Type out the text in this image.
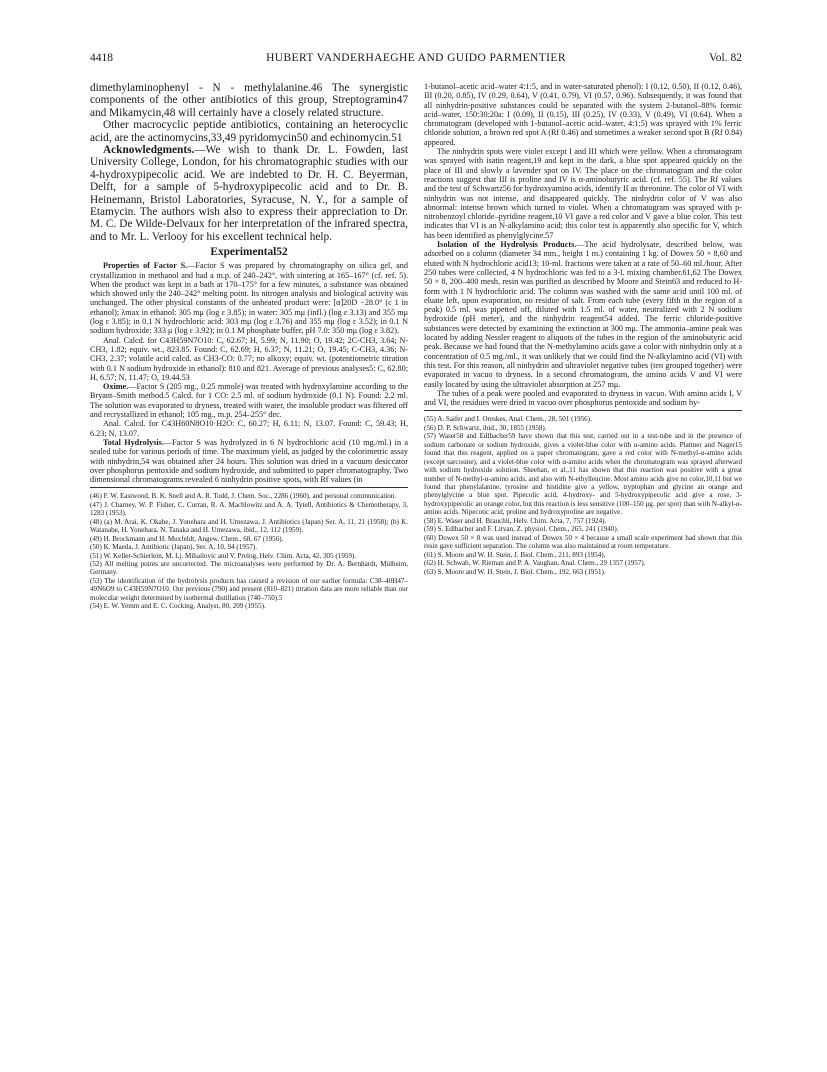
4418	HUBERT VANDERHAEGHE AND GUIDO PARMENTIER	Vol. 82

dimethylaminophenyl - N - methylalanine.46 The synergistic components of the other antibiotics of this group, Streptogramin47 and Mikamycin,48 will certainly have a closely related structure.

Other macrocyclic peptide antibiotics, containing an heterocyclic acid, are the actinomycins,33,49 pyridomycin50 and echinomycin.51

Acknowledgments.—We wish to thank Dr. L. Fowden, last University College, London, for his chromatographic studies with our 4-hydroxypipecolic acid. We are indebted to Dr. H. C. Beyerman, Delft, for a sample of 5-hydroxypipecolic acid and to Dr. B. Heinemann, Bristol Laboratories, Syracuse, N. Y., for a sample of Etamycin. The authors wish also to express their appreciation to Dr. M. C. De Wilde-Delvaux for her interpretation of the infrared spectra, and to Mr. L. Verlooy for his excellent technical help.

Experimental52

Properties of Factor S.—Factor S was prepared by chromatography on silica gel, and crystallization in methanol and had a m.p. of 240–242°, with sintering at 165–167° (cf. ref. 5). When the product was kept in a bath at 170–175° for a few minutes, a substance was obtained which showed only the 240–242° melting point. Its nitrogen analysis and biological activity was unchanged. The other physical constants of the unheated product were: [α]20D −28.0° (c 1 in ethanol); λmax in ethanol: 305 mμ (log ε 3.85); in water: 305 mμ (infl.) (log ε 3.13) and 355 mμ (log ε 3.85); in 0.1 N hydrochloric acid: 303 mμ (log ε 3.76) and 355 mμ (log ε 3.52); in 0.1 N sodium hydroxide: 333 μ (log ε 3.92); in 0.1 M phosphate buffer, pH 7.0: 350 mμ (log ε 3.82).

Anal. Calcd. for C43H59N7O10: C, 62.67; H, 5.99; N, 11.90; O, 19.42; 2C-CH3, 3.64; N-CH3, 1.82; equiv. wt., 823.85. Found: C, 62.69; H, 6.37; N, 11.21; O, 19.45; C-CH3, 4.36; N-CH3, 2.37; volatile acid calcd. as CH3-CO: 0.77; no alkoxy; equiv. wt. (potentiometric titration with 0.1 N sodium hydroxide in ethanol): 810 and 821. Average of previous analyses5: C, 62.80; H, 6.57; N, 11.47; O, 19.44.53

Oxime.—Factor S (205 mg., 0.25 mmole) was treated with hydroxylamine according to the Bryant–Smith method.5 Calcd. for 1 CO: 2.5 ml. of sodium hydroxide (0.1 N). Found: 2.2 ml. The solution was evaporated to dryness, treated with water, the insoluble product was filtered off and recrystallized in ethanol; 105 mg., m.p. 254–255° dec.

Anal. Calcd. for C43H60N8O10·H2O: C, 60.27; H, 6.11; N, 13.07. Found: C, 59.43; H, 6.23; N, 13.07.

Total Hydrolysis.—Factor S was hydrolyzed in 6 N hydrochloric acid (10 mg./ml.) in a sealed tube for various periods of time. The maximum yield, as judged by the colorimetric assay with ninhydrin,54 was obtained after 24 hours. This solution was dried in a vacuum desiccator over phosphorus pentoxide and sodium hydroxide, and submitted to paper chromatography. Two dimensional chromatograms revealed 6 ninhydrin positive spots, with Rf values (in

(46) F. W. Eastwood, B. K. Snell and A. R. Todd, J. Chem. Soc., 2286 (1960), and personal communication.

(47) J. Charney, W. P. Fisher, C. Curran, R. A. Machlowitz and A. A. Tytell, Antibiotics & Chemotherapy, 3, 1283 (1953).

(48) (a) M. Arai, K. Okabe, J. Yonehara and H. Umezawa, J. Antibiotics (Japan) Ser. A, 11, 21 (1958); (b) K. Watanabe, H. Yonehara, N. Tanaka and H. Umezawa, ibid., 12, 112 (1959).

(49) H. Brockmann and H. Muxfeldt, Angew. Chem., 68, 67 (1956).

(50) K. Maeda, J. Antibiotic (Japan), Ser. A, 10, 94 (1957).

(51) W. Keller-Schierlein, M. Lj. Mihailovic and V. Prelog, Helv. Chim. Acta, 42, 305 (1959).

(52) All melting points are uncorrected. The microanalyses were performed by Dr. A. Bernhardt, Mülheim, Germany.

(53) The identification of the hydrolysis products has caused a revision of our earlier formula: C38–40H47–49N6O9 to C43H59N7O10. Our previous (790) and present (810–821) titration data are more reliable than our molecular weight determined by isothermal distillation (740–750).5

(54) E. W. Yemm and E. C. Cocking, Analyst, 80, 209 (1955).

1-butanol–acetic acid–water 4:1:5, and in water-saturated phenol): I (0.12, 0.50), II (0.12, 0.46), III (0.20, 0.85), IV (0.29, 0.64), V (0.41, 0.79), VI (0.57, 0.96). Subsequently, it was found that all ninhydrin-positive substances could be separated with the system 2-butanol–88% formic acid–water, 150:30:20a: I (0.09), II (0.15), III (0.25), IV (0.33), V (0.49), VI (0.64). When a chromatogram (developed with 1-butanol–acetic acid–water, 4:1:5) was sprayed with 1% ferric chloride solution, a brown red spot A (Rf 0.46) and sometimes a weaker second spot B (Rf 0.84) appeared.

The ninhydrin spots were violet except I and III which were yellow. When a chromatogram was sprayed with isatin reagent,19 and kept in the dark, a blue spot appeared quickly on the place of III and slowly a lavender spot on IV. The place on the chromatogram and the color reactions suggest that III is proline and IV is α-aminobutyric acid. (cf. ref. 55). The Rf values and the test of Schwartz56 for hydroxyamino acids, identify II as threonine. The color of VI with ninhydrin was not intense, and disappeared quickly. The ninhydrin color of V was also abnormal: intense brown which turned to violet. When a chromatogram was sprayed with p-nitrobenzoyl chloride–pyridine reagent,10 VI gave a red color and V gave a blue color. This test indicates that VI is an N-alkylamino acid; this color test is apparently also specific for V, which has been identified as phenylglycine.57

Isolation of the Hydrolysis Products.—The acid hydrolysate, described below, was adsorbed on a column (diameter 34 mm., height 1 m.) containing 1 kg. of Dowex 50 × 8,60 and eluted with N hydrochloric acid13; 10-ml. fractions were taken at a rate of 50–60 ml./hour. After 250 tubes were collected, 4 N hydrochloric was fed to a 3-l. mixing chamber.61,62 The Dowex 50 × 8, 200–400 mesh, resin was purified as described by Moore and Stein63 and reduced to H-form with 1 N hydrochloric acid. The column was washed with the same acid until 100 ml. of eluate left, upon evaporation, no residue of salt. From each tube (every fifth in the region of a peak) 0.5 ml. was pipetted off, diluted with 1.5 ml. of water, neutralized with 2 N sodium hydroxide (pH meter), and the ninhydrin reagent54 added. The ferric chloride-positive substances were detected by examining the extinction at 300 mμ. The ammonia–amine peak was located by adding Nessler reagent to aliquots of the tubes in the region of the aminobutyric acid peak. Because we had found that the N-methylamino acids gave a color with ninhydrin only at a concentration of 0.5 mg./ml., it was unlikely that we could find the N-alkylamino acid (VI) with this test. For this reason, all ninhydrin and ultraviolet negative tubes (ten grouped together) were evaporated in vacuo to dryness. In a second chromatogram, the amino acids V and VI were easily located by using the ultraviolet absorption at 257 mμ.

The tubes of a peak were pooled and evaporated to dryness in vacuo. With amino acids I, V and VI, the residues were dried in vacuo over phosphorus pentoxide and sodium hy-

(55) A. Saifer and I. Oreskes, Anal. Chem., 28, 501 (1956).

(56) D. P. Schwartz, ibid., 30, 1855 (1958).

(57) Waser58 and Edlbacher59 have shown that this test, carried out in a test-tube and in the presence of sodium carbonate or sodium hydroxide, gives a violet-blue color with α-amino acids. Plattner and Nager15 found that this reagent, applied on a paper chromatogram, gave a red color with N-methyl-α-amino acids (except sarcosine), and a violet-blue color with α-amino acids when the chromatogram was sprayed afterward with sodium hydroxide solution. Sheehan, et al.,11 has shown that this reaction was positive with a great number of N-methyl-α-amino acids, and also with N-ethylleucine. Most amino acids give no color,10,11 but we found that phenylalanine, tyrosine and histidine give a yellow, tryptophan and glycine an orange and phenylglycine a blue spot. Pipecolic acid, 4-hydroxy- and 5-hydroxypipecolic acid give a rose, 3-hydroxypipecolic an orange color, but this reaction is less sensitive (100–150 μg. per spot) than with N-alkyl-α-amino acids. Nipecotic acid, proline and hydroxyproline are negative.

(58) E. Waser and H. Brauchli, Helv. Chim. Acta, 7, 757 (1924).

(59) S. Edlbacher and F. Litvan, Z. physiol. Chem., 265, 241 (1940).

(60) Dowex 50 × 8 was used instead of Dowex 50 × 4 because a small scale experiment had shown that this resin gave sufficient separation. The column was also maintained at room temperature.

(61) S. Moore and W. H. Stein, J. Biol. Chem., 211, 893 (1954).

(62) H. Schwab, W. Rieman and P. A. Vaughan, Anal. Chem., 29 1357 (1957).

(63) S. Moore and W. H. Stein, J. Biol. Chem., 192, 663 (1951).
